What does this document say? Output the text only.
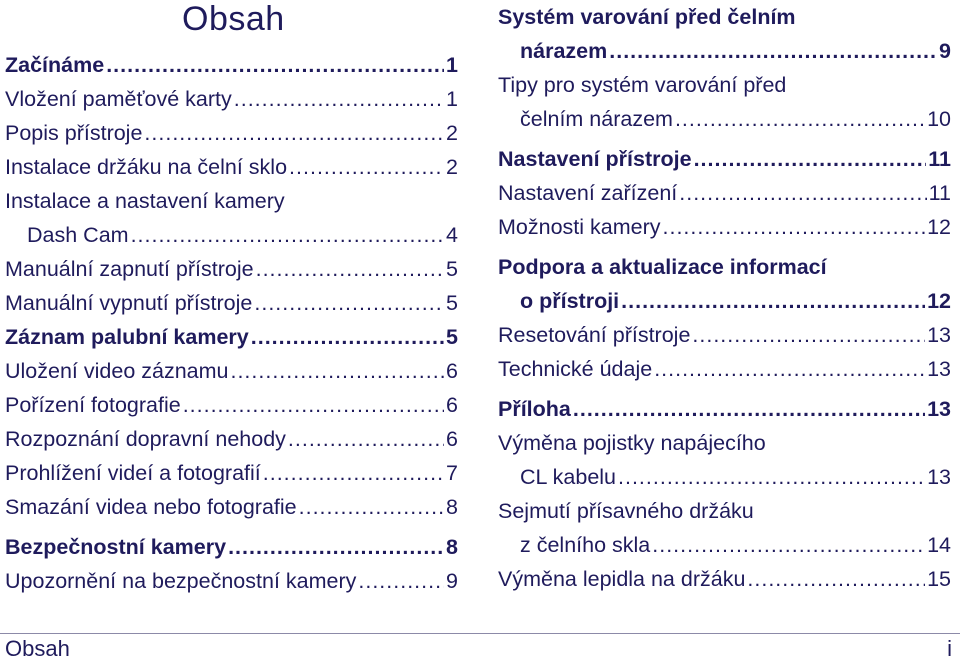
Obsah
Začínáme .....	1
Vložení paměťové karty .....	1
Popis přístroje .....	2
Instalace držáku na čelní sklo .....	2
Instalace a nastavení kamery
Dash Cam .....	4
Manuální zapnutí přístroje .....	5
Manuální vypnutí přístroje .....	5
Záznam palubní kamery .....	5
Uložení video záznamu .....	6
Pořízení fotografie .....	6
Rozpoznání dopravní nehody .....	6
Prohlížení videí a fotografií .....	7
Smazání videa nebo fotografie .....	8
Bezpečnostní kamery .....	8
Upozornění na bezpečnostní kamery .....	9
Systém varování před čelním
nárazem .....	9
Tipy pro systém varování před
čelním nárazem .....	10
Nastavení přístroje .....	11
Nastavení zařízení .....	11
Možnosti kamery .....	12
Podpora a aktualizace informací
o přístroji .....	12
Resetování přístroje .....	13
Technické údaje .....	13
Příloha .....	13
Výměna pojistky napájecího
CL kabelu .....	13
Sejmutí přísavného držáku
z čelního skla .....	14
Výměna lepidla na držáku .....	15
Obsah	i
